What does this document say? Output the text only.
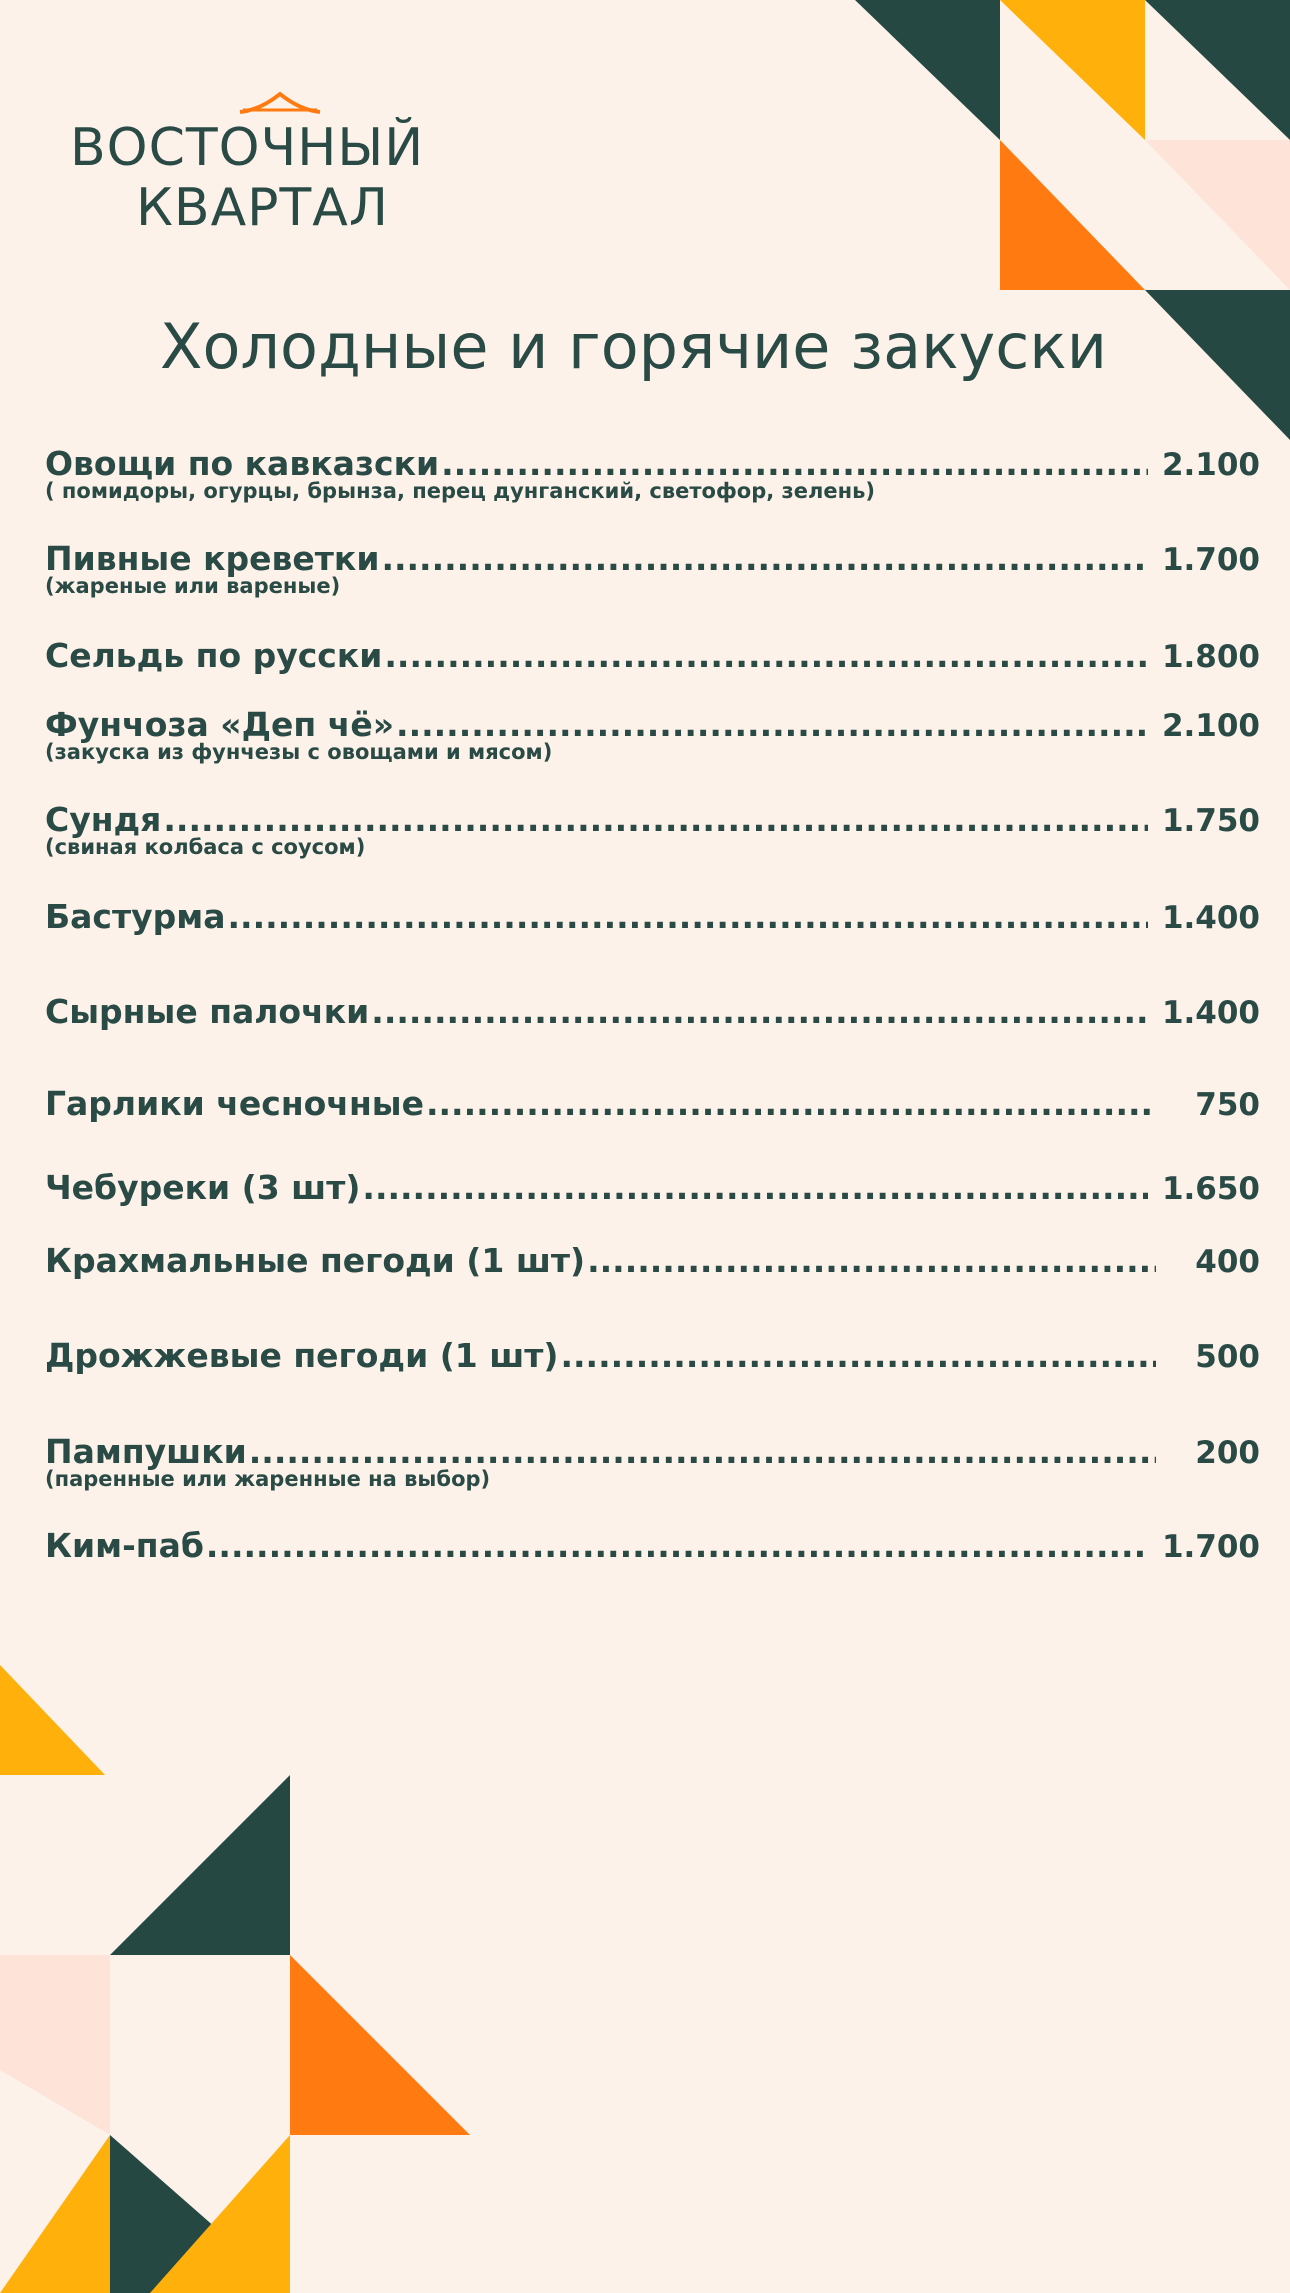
ВОСТОЧНЫЙ
КВАРТАЛ
Холодные и горячие закуски
Овощи по кавказски .....	2.100
( помидоры, огурцы, брынза, перец дунганский, светофор, зелень)
Пивные креветки .....	1.700
(жареные или вареные)
Сельдь по русски .....	1.800
Фунчоза «Деп чё» .....	2.100
(закуска из фунчезы с овощами и мясом)
Сундя .....	1.750
(свиная колбаса с соусом)
Бастурма .....	1.400
Сырные палочки .....	1.400
Гарлики чесночные .....	750
Чебуреки (3 шт) .....	1.650
Крахмальные пегоди (1 шт) .....	400
Дрожжевые пегоди (1 шт) .....	500
Пампушки .....	200
(паренные или жаренные на выбор)
Ким-паб .....	1.700
